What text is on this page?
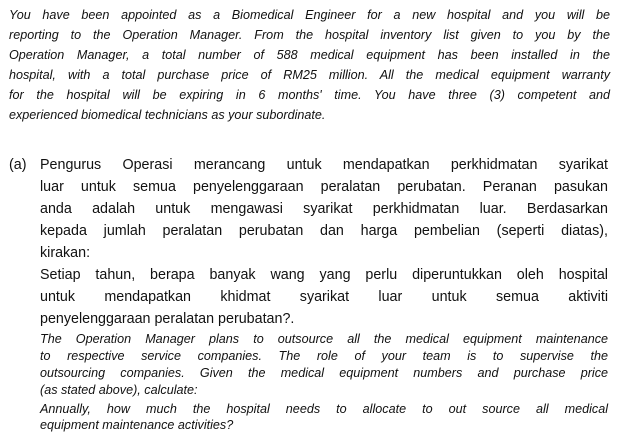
You have been appointed as a Biomedical Engineer for a new hospital and you will be
reporting to the Operation Manager. From the hospital inventory list given to you by the
Operation Manager, a total number of 588 medical equipment has been installed in the
hospital, with a total purchase price of RM25 million. All the medical equipment warranty
for the hospital will be expiring in 6 months' time. You have three (3) competent and
experienced biomedical technicians as your subordinate.
(a) Pengurus Operasi merancang untuk mendapatkan perkhidmatan syarikat
luar untuk semua penyelenggaraan peralatan perubatan. Peranan pasukan
anda adalah untuk mengawasi syarikat perkhidmatan luar. Berdasarkan
kepada jumlah peralatan perubatan dan harga pembelian (seperti diatas),
kirakan:
Setiap tahun, berapa banyak wang yang perlu diperuntukkan oleh hospital
untuk mendapatkan khidmat syarikat luar untuk semua aktiviti
penyelenggaraan peralatan perubatan?.
The Operation Manager plans to outsource all the medical equipment maintenance
to respective service companies. The role of your team is to supervise the
outsourcing companies. Given the medical equipment numbers and purchase price
(as stated above), calculate:
Annually, how much the hospital needs to allocate to out source all medical
equipment maintenance activities?
